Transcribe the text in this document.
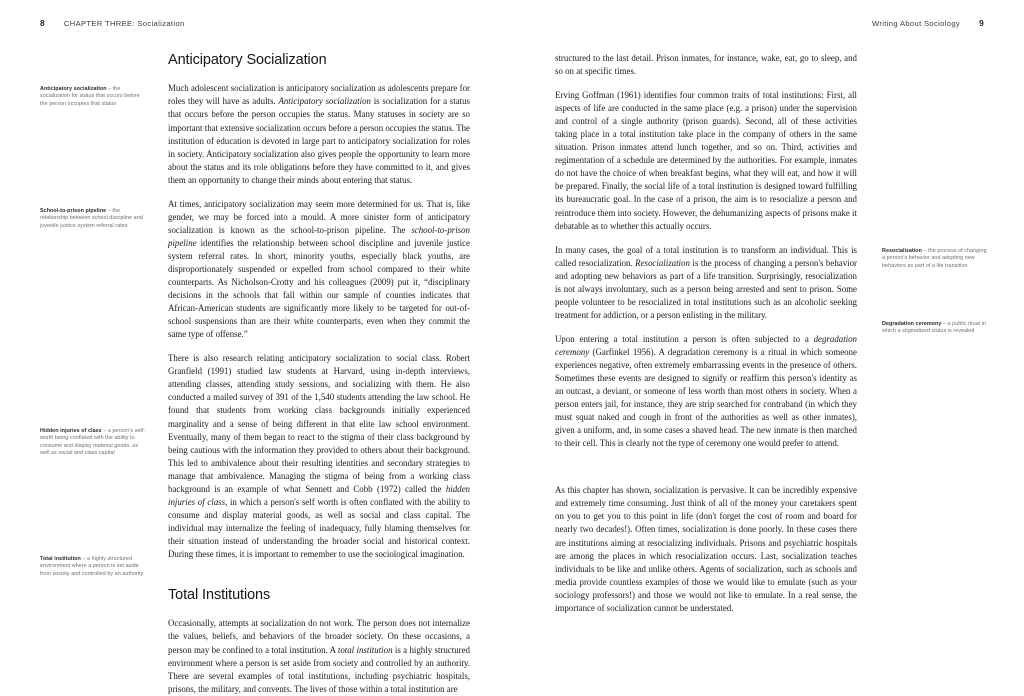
8	CHAPTER THREE: Socialization	Writing About Sociology 9
Anticipatory socialization – the socialization for status that occurs before the person occupies that status
School-to-prison pipeline – the relationship between school discipline and juvenile justice system referral rates
Hidden injuries of class – a person's self-worth being conflated with the ability to consume and display material goods, as well as social and class capital
Total institution – a highly structured environment where a person is set aside from society and controlled by an authority
Anticipatory Socialization

Much adolescent socialization is anticipatory socialization as adolescents prepare for roles they will have as adults. Anticipatory socialization is socialization for a status that occurs before the person occupies the status. Many statuses in society are so important that extensive socialization occurs before a person occupies the status. The institution of education is devoted in large part to anticipatory socialization for roles in society. Anticipatory socialization also gives people the opportunity to learn more about the status and its role obligations before they have committed to it, and gives them an opportunity to change their minds about entering that status.

At times, anticipatory socialization may seem more determined for us. That is, like gender, we may be forced into a mould. A more sinister form of anticipatory socialization is known as the school-to-prison pipeline. The school-to-prison pipeline identifies the relationship between school discipline and juvenile justice system referral rates. In short, minority youths, especially black youths, are disproportionately suspended or expelled from school compared to their white counterparts. As Nicholson-Crotty and his colleagues (2009) put it, “disciplinary decisions in the schools that fall within our sample of counties indicates that African-American students are significantly more likely to be targeted for out-of-school suspensions than are their white counterparts, even when they commit the same type of offense.”

There is also research relating anticipatory socialization to social class. Robert Granfield (1991) studied law students at Harvard, using in-depth interviews, attending classes, attending study sessions, and socializing with them. He also conducted a mailed survey of 391 of the 1,540 students attending the law school. He found that students from working class backgrounds initially experienced marginality and a sense of being different in that elite law school environment. Eventually, many of them began to react to the stigma of their class background by being cautious with the information they provided to others about their background. This led to ambivalence about their resulting identities and secondary strategies to manage that ambivalence. Managing the stigma of being from a working class background is an example of what Sennett and Cobb (1972) called the hidden injuries of class, in which a person's self worth is often conflated with the ability to consume and display material goods, as well as social and class capital. The individual may internalize the feeling of inadequacy, fully blaming themselves for their situation instead of understanding the broader social and historical context. During these times, it is important to remember to use the sociological imagination.

Total Institutions

Occasionally, attempts at socialization do not work. The person does not internalize the values, beliefs, and behaviors of the broader society. On these occasions, a person may be confined to a total institution. A total institution is a highly structured environment where a person is set aside from society and controlled by an authority. There are several examples of total institutions, including psychiatric hospitals, prisons, the military, and convents. The lives of those within a total institution are

Resocialization – the process of changing a person's behavior and adopting new behaviors as part of a life transition
Degradation ceremony – a public ritual in which a stigmatized status is revealed

structured to the last detail. Prison inmates, for instance, wake, eat, go to sleep, and so on at specific times.

Erving Goffman (1961) identifies four common traits of total institutions: First, all aspects of life are conducted in the same place (e.g. a prison) under the supervision and control of a single authority (prison guards). Second, all of these activities taking place in a total institution take place in the company of others in the same situation. Prison inmates attend lunch together, and so on. Third, activities and regimentation of a schedule are determined by the authorities. For example, inmates do not have the choice of when breakfast begins, what they will eat, and how it will be prepared. Finally, the social life of a total institution is designed toward fulfilling its bureaucratic goal. In the case of a prison, the aim is to resocialize a person and reintroduce them into society. However, the dehumanizing aspects of prisons make it debatable as to whether this actually occurs.

In many cases, the goal of a total institution is to transform an individual. This is called resocialization. Resocialization is the process of changing a person's behavior and adopting new behaviors as part of a life transition. Surprisingly, resocialization is not always involuntary, such as a person being arrested and sent to prison. Some people volunteer to be resocialized in total institutions such as an alcoholic seeking treatment for addiction, or a person enlisting in the military.

Upon entering a total institution a person is often subjected to a degradation ceremony (Garfinkel 1956). A degradation ceremony is a ritual in which someone experiences negative, often extremely embarrassing events in the presence of others. Sometimes these events are designed to signify or reaffirm this person's identity as an outcast, a deviant, or someone of less worth than most others in society. When a person enters jail, for instance, they are strip searched for contraband (in which they must squat naked and cough in front of the authorities as well as other inmates), given a uniform, and, in some cases a shaved head. The new inmate is then marched to their cell. This is clearly not the type of ceremony one would prefer to attend.

As this chapter has shown, socialization is pervasive. It can be incredibly expensive and extremely time consuming. Just think of all of the money your caretakers spent on you to get you to this point in life (don't forget the cost of room and board for nearly two decades!). Often times, socialization is done poorly. In these cases there are institutions aiming at resocializing individuals. Prisons and psychiatric hospitals are among the places in which resocialization occurs. Last, socialization teaches individuals to be like and unlike others. Agents of socialization, such as schools and media provide countless examples of those we would like to emulate (such as your sociology professors!) and those we would not like to emulate. In a real sense, the importance of socialization cannot be understated.
